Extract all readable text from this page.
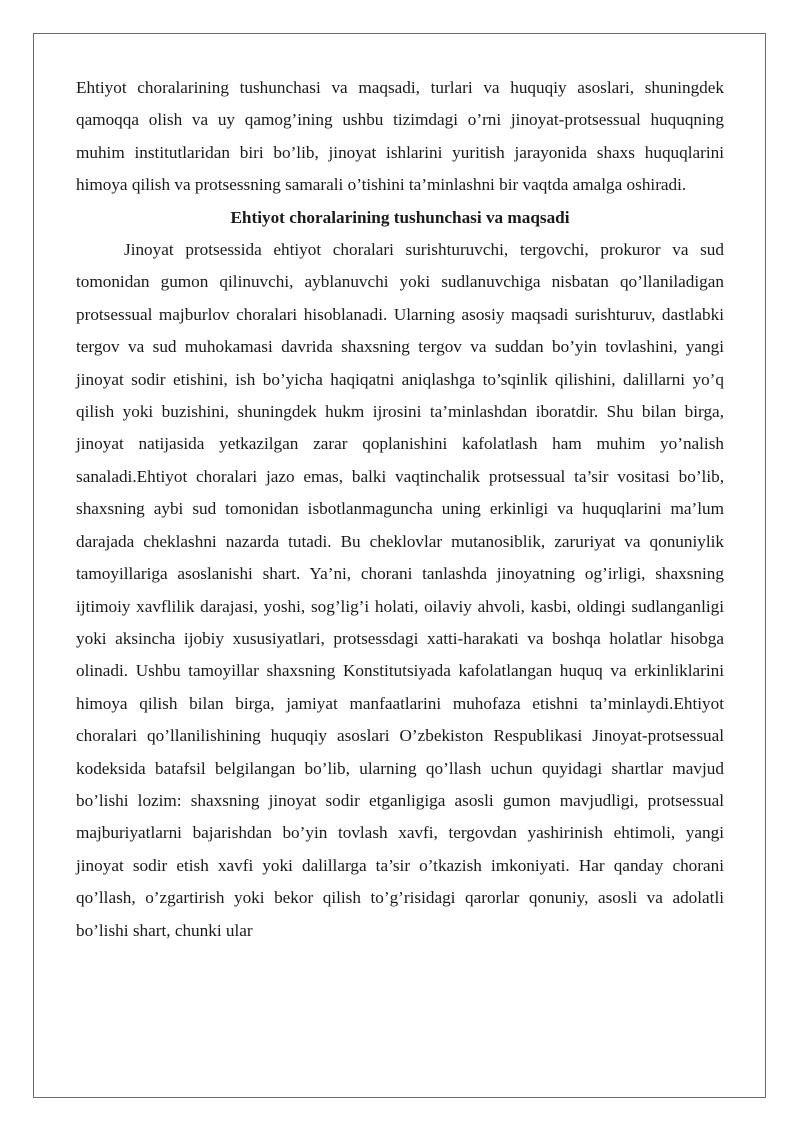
Ehtiyot choralarining tushunchasi va maqsadi, turlari va huquqiy asoslari, shuningdek qamoqqa olish va uy qamog’ining ushbu tizimdagi o’rni jinoyat-protsessual huquqning muhim institutlaridan biri bo’lib, jinoyat ishlarini yuritish jarayonida shaxs huquqlarini himoya qilish va protsessning samarali o’tishini ta’minlashni bir vaqtda amalga oshiradi.

Ehtiyot choralarining tushunchasi va maqsadi

Jinoyat protsessida ehtiyot choralari surishturuvchi, tergovchi, prokuror va sud tomonidan gumon qilinuvchi, ayblanuvchi yoki sudlanuvchiga nisbatan qo’llaniladigan protsessual majburlov choralari hisoblanadi. Ularning asosiy maqsadi surishturuv, dastlabki tergov va sud muhokamasi davrida shaxsning tergov va suddan bo’yin tovlashini, yangi jinoyat sodir etishini, ish bo’yicha haqiqatni aniqlashga to’sqinlik qilishini, dalillarni yo’q qilish yoki buzishini, shuningdek hukm ijrosini ta’minlashdan iboratdir. Shu bilan birga, jinoyat natijasida yetkazilgan zarar qoplanishini kafolatlash ham muhim yo’nalish sanaladi.Ehtiyot choralari jazo emas, balki vaqtinchalik protsessual ta’sir vositasi bo’lib, shaxsning aybi sud tomonidan isbotlanmaguncha uning erkinligi va huquqlarini ma’lum darajada cheklashni nazarda tutadi. Bu cheklovlar mutanosiblik, zaruriyat va qonuniylik tamoyillariga asoslanishi shart. Ya’ni, chorani tanlashda jinoyatning og’irligi, shaxsning ijtimoiy xavflilik darajasi, yoshi, sog’lig’i holati, oilaviy ahvoli, kasbi, oldingi sudlanganligi yoki aksincha ijobiy xususiyatlari, protsessdagi xatti-harakati va boshqa holatlar hisobga olinadi. Ushbu tamoyillar shaxsning Konstitutsiyada kafolatlangan huquq va erkinliklarini himoya qilish bilan birga, jamiyat manfaatlarini muhofaza etishni ta’minlaydi.Ehtiyot choralari qo’llanilishining huquqiy asoslari O’zbekiston Respublikasi Jinoyat-protsessual kodeksida batafsil belgilangan bo’lib, ularning qo’llash uchun quyidagi shartlar mavjud bo’lishi lozim: shaxsning jinoyat sodir etganligiga asosli gumon mavjudligi, protsessual majburiyatlarni bajarishdan bo’yin tovlash xavfi, tergovdan yashirinish ehtimoli, yangi jinoyat sodir etish xavfi yoki dalillarga ta’sir o’tkazish imkoniyati. Har qanday chorani qo’llash, o’zgartirish yoki bekor qilish to’g’risidagi qarorlar qonuniy, asosli va adolatli bo’lishi shart, chunki ular
